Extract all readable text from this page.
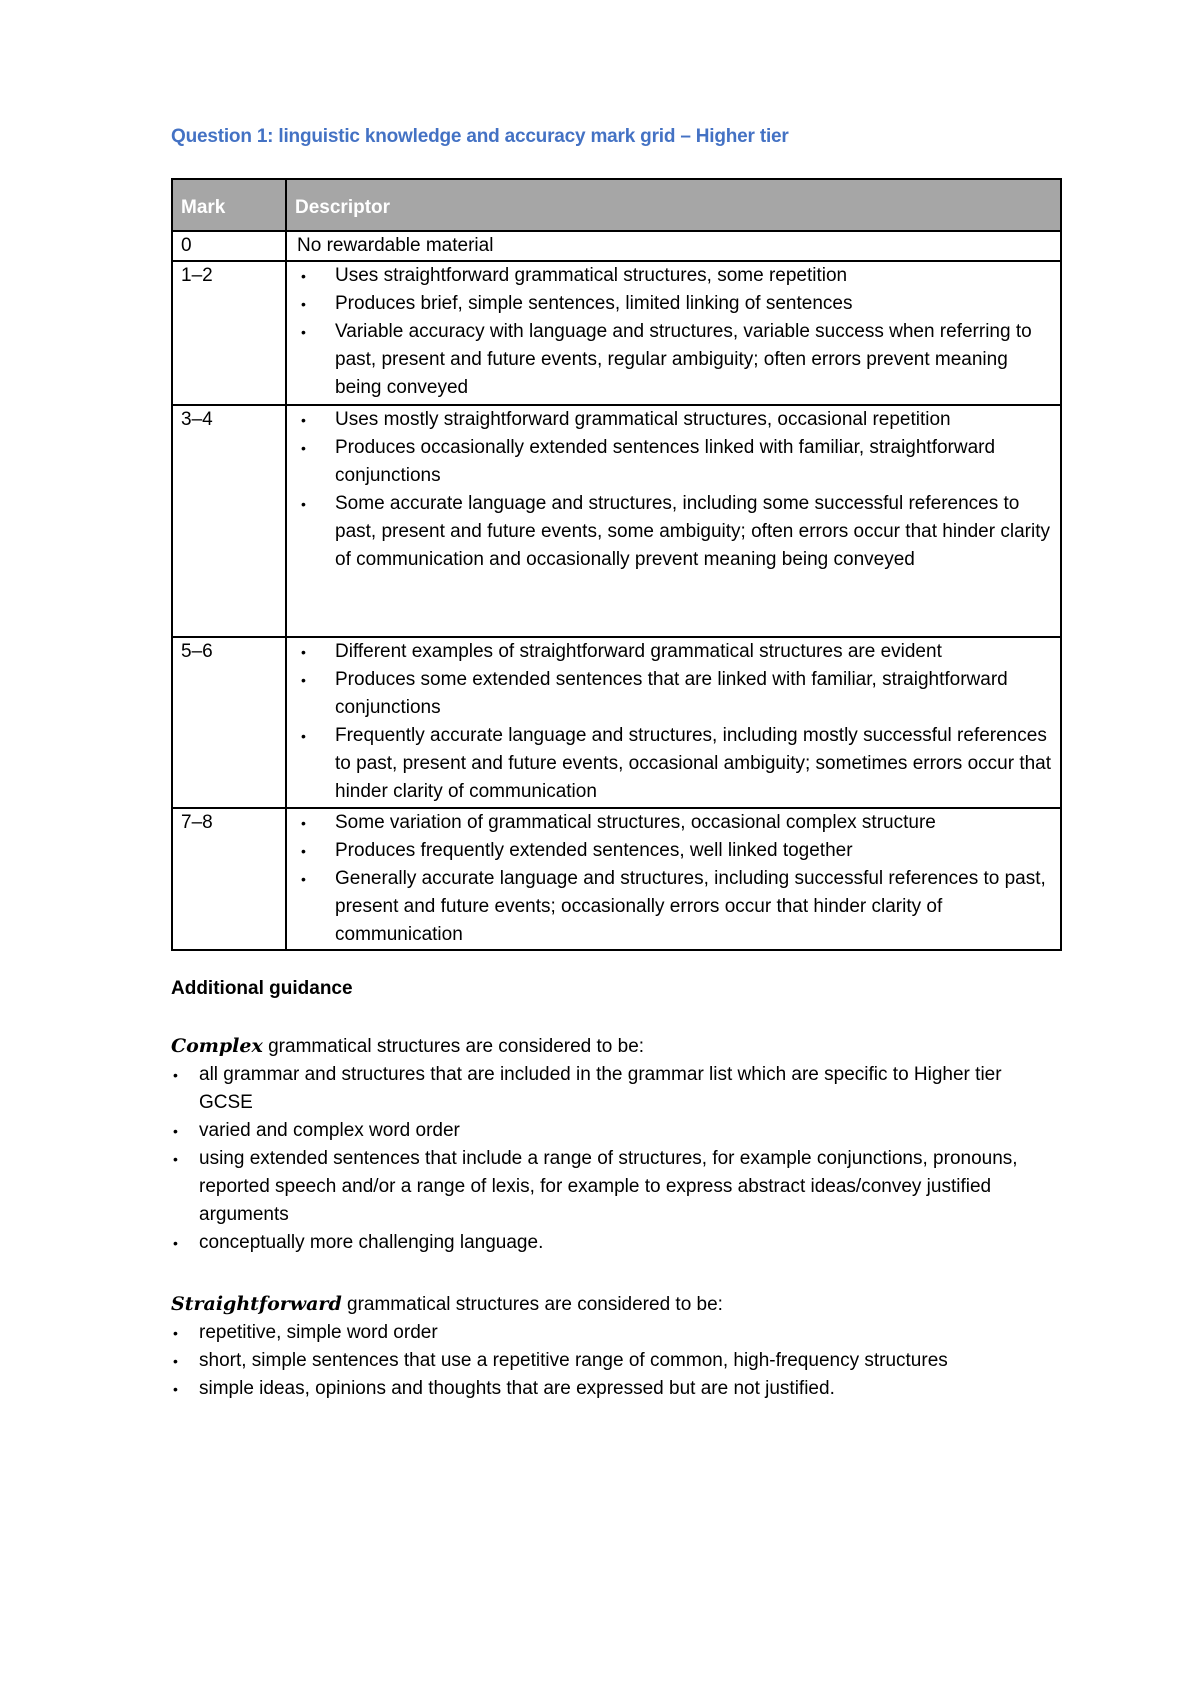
Question 1: linguistic knowledge and accuracy mark grid – Higher tier
Mark	Descriptor
0	No rewardable material

1–2	• Uses straightforward grammatical structures, some repetition
• Produces brief, simple sentences, limited linking of sentences
• Variable accuracy with language and structures, variable success when referring to past, present and future events, regular ambiguity; often errors prevent meaning being conveyed

3–4	• Uses mostly straightforward grammatical structures, occasional repetition
• Produces occasionally extended sentences linked with familiar, straightforward conjunctions
• Some accurate language and structures, including some successful references to past, present and future events, some ambiguity; often errors occur that hinder clarity of communication and occasionally prevent meaning being conveyed

5–6	• Different examples of straightforward grammatical structures are evident
• Produces some extended sentences that are linked with familiar, straightforward conjunctions
• Frequently accurate language and structures, including mostly successful references to past, present and future events, occasional ambiguity; sometimes errors occur that hinder clarity of communication

7–8	• Some variation of grammatical structures, occasional complex structure
• Produces frequently extended sentences, well linked together
• Generally accurate language and structures, including successful references to past, present and future events; occasionally errors occur that hinder clarity of communication
Additional guidance
Complex grammatical structures are considered to be:
• all grammar and structures that are included in the grammar list which are specific to Higher tier GCSE
• varied and complex word order
• using extended sentences that include a range of structures, for example conjunctions, pronouns, reported speech and/or a range of lexis, for example to express abstract ideas/convey justified arguments
• conceptually more challenging language.
Straightforward grammatical structures are considered to be:
• repetitive, simple word order
• short, simple sentences that use a repetitive range of common, high-frequency structures
• simple ideas, opinions and thoughts that are expressed but are not justified.
